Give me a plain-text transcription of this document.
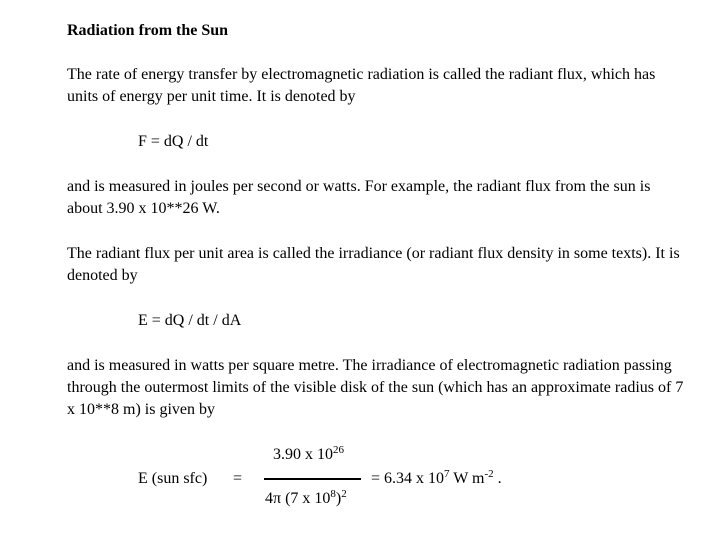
Radiation from the Sun

The rate of energy transfer by electromagnetic radiation is called the radiant flux, which has units of energy per unit time. It is denoted by

F = dQ / dt

and is measured in joules per second or watts. For example, the radiant flux from the sun is about 3.90 x 10**26 W.

The radiant flux per unit area is called the irradiance (or radiant flux density in some texts). It is denoted by

E = dQ / dt / dA

and is measured in watts per square metre. The irradiance of electromagnetic radiation passing through the outermost limits of the visible disk of the sun (which has an approximate radius of 7 x 10**8 m) is given by

E (sun sfc) =
3.90 x $10^{26}$
4π (7 x $10^8)^2$
= 6.34 x $10^7$ W $m^{-2}$ .
